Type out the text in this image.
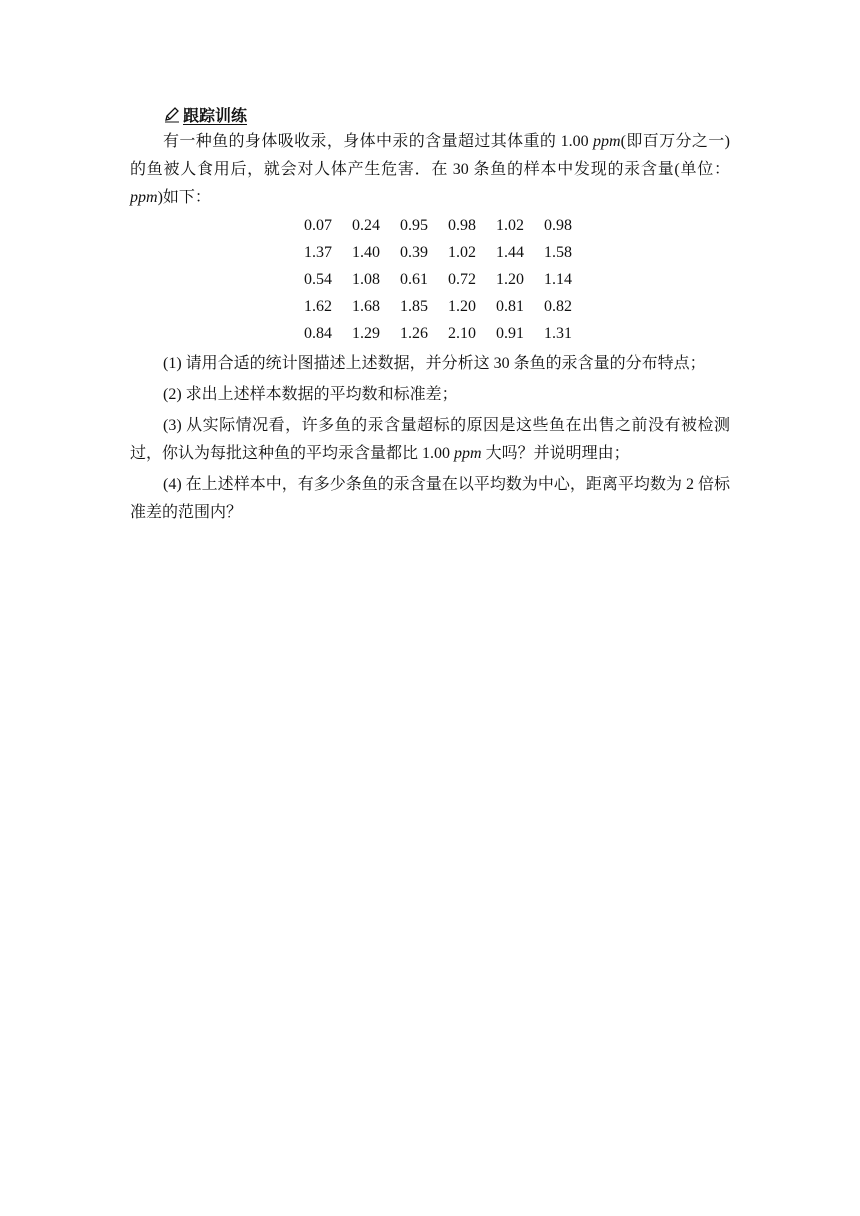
跟踪训练

有一种鱼的身体吸收汞，身体中汞的含量超过其体重的 1.00 ppm(即百万分之一)的鱼被人食用后，就会对人体产生危害．在 30 条鱼的样本中发现的汞含量(单位：ppm)如下：

0.07	0.24	0.95	0.98	1.02	0.98
1.37	1.40	0.39	1.02	1.44	1.58
0.54	1.08	0.61	0.72	1.20	1.14
1.62	1.68	1.85	1.20	0.81	0.82
0.84	1.29	1.26	2.10	0.91	1.31

(1) 请用合适的统计图描述上述数据，并分析这 30 条鱼的汞含量的分布特点；

(2) 求出上述样本数据的平均数和标准差；

(3) 从实际情况看，许多鱼的汞含量超标的原因是这些鱼在出售之前没有被检测过，你认为每批这种鱼的平均汞含量都比 1.00 ppm 大吗？并说明理由；

(4) 在上述样本中，有多少条鱼的汞含量在以平均数为中心，距离平均数为 2 倍标准差的范围内？
